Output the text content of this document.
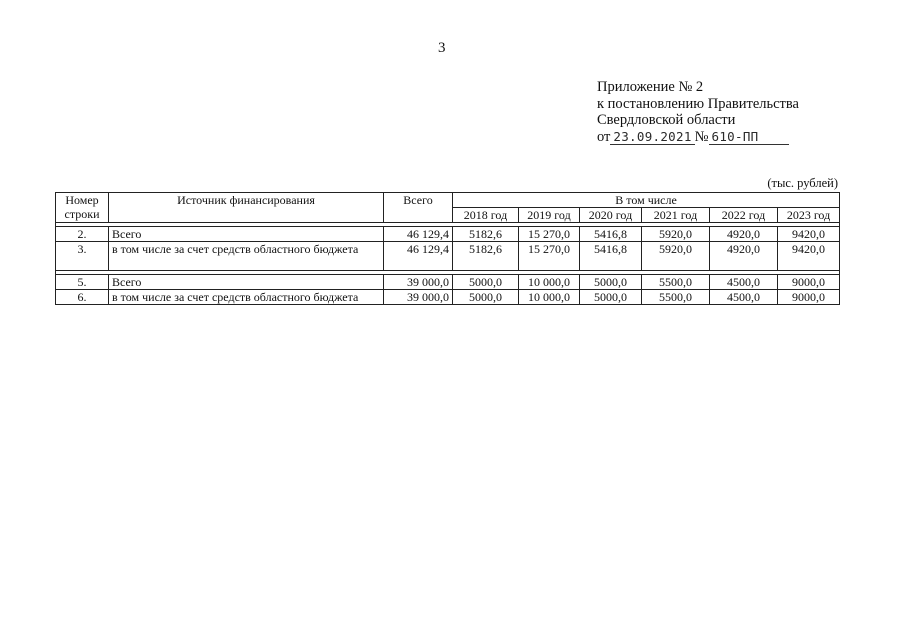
3
Приложение № 2
к постановлению Правительства
Свердловской области
от 23.09.2021 № 610-ПП
(тыс. рублей)
Номер строки	Источник финансирования	Всего	В том числе					
			2018 год	2019 год	2020 год	2021 год	2022 год	2023 год

2.	Всего	46 129,4	5182,6	15 270,0	5416,8	5920,0	4920,0	9420,0
3.	в том числе за счет средств областного бюджета	46 129,4	5182,6	15 270,0	5416,8	5920,0	4920,0	9420,0

5.	Всего	39 000,0	5000,0	10 000,0	5000,0	5500,0	4500,0	9000,0
6.	в том числе за счет средств областного бюджета	39 000,0	5000,0	10 000,0	5000,0	5500,0	4500,0	9000,0
